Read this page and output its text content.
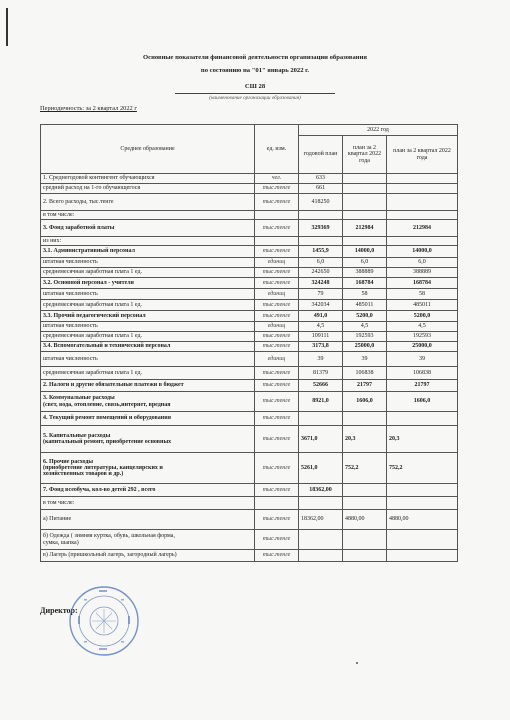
Основные показатели финансовой деятельности организации образования
по состоянию на "01" январь 2022 г.
СШ 28
(наименование организации образования)
Периодичность: за 2 квартал 2022 г
Среднее образование	ед. изм.	2022 год		
		годовой план	план за 2 квартал 2022 года	план за 2 квартал 2022 года
1. Среднегодовой контингент обучающихся	чел.	633		
средний расход на 1-го обучающегося	тыс.тенге	661		
2. Всего расходы, тыс.тенге	тыс.тенге	418250		
в том числе:				
3. Фонд заработной платы	тыс.тенге	329369	212984	212984
из них:				
3.1. Административный персонал	тыс.тенге	1455,9	14000,0	14000,0
штатная численность	единиц	6,0	6,0	6,0
среднемесячная заработная плата 1 ед.	тыс.тенге	242650	388889	388889
3.2. Основной персонал - учителя	тыс.тенге	324248	168784	168784
штатная численность	единиц	79	58	58
среднемесячная заработная плата 1 ед.	тыс.тенге	342034	485011	485011
3.3. Прочий педагогический персонал	тыс.тенге	491,0	5200,0	5200,0
штатная численность	единиц	4,5	4,5	4,5
среднемесячная заработная плата 1 ед.	тыс.тенге	109111	192593	192593
3.4. Вспомогательный и технический персонал	тыс.тенге	3173,8	25000,0	25000,0
штатная численность	единиц	39	39	39
среднемесячная заработная плата 1 ед.	тыс.тенге	81379	106838	106838
2. Налоги и другие обязательные платежи в бюджет	тыс.тенге	52666	21797	21797
3. Коммунальные расходы
(свет, вода, отопление, связь,интернет, вредная	тыс.тенге	8921,0	1606,0	1606,0
4. Текущий ремонт помещений и оборудования	тыс.тенге			
5. Капитальные расходы
(капитальный ремонт, приобретение основных	тыс.тенге	3671,0	20,3	20,3
6. Прочие расходы
(приобретение литературы, канцелярских и
хозяйственных товаров и др.)	тыс.тенге	5261,0	752,2	752,2
7. Фонд всеобуча, кол-во детей 292 , всего	тыс.тенге	18362,00		
в том числе:				
а) Питание	тыс.тенге	18362,00	4880,00	4880,00
б) Одежда ( зимняя куртка, обувь, школьная форма,
сумка, шапка)	тыс.тенге			
в) Лагерь (пришкольный лагерь, загородный лагерь)	тыс.тенге			
Директор:
